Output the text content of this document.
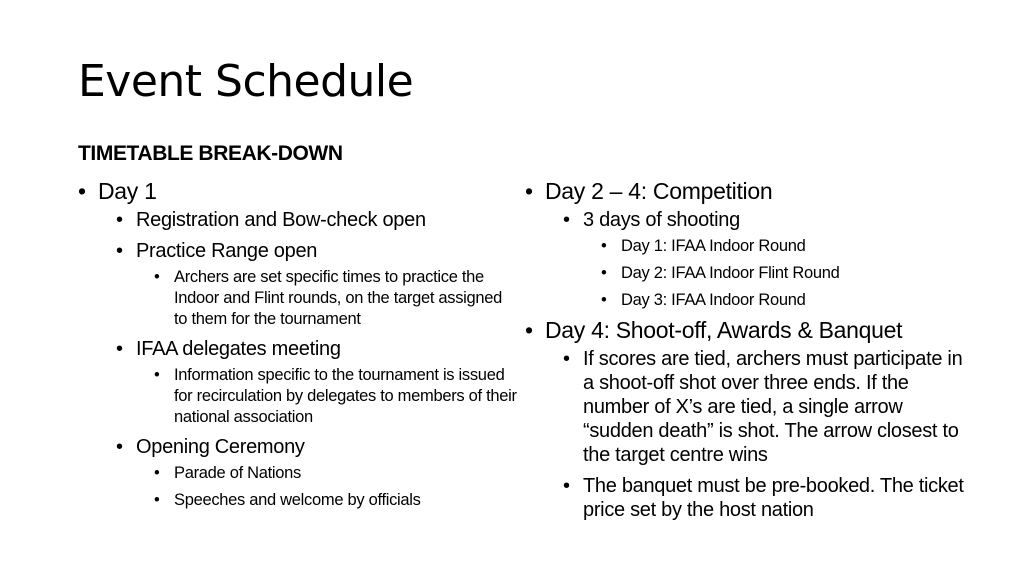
Event Schedule
TIMETABLE BREAK-DOWN
• Day 1
• Registration and Bow-check open
• Practice Range open
• Archers are set specific times to practice the Indoor and Flint rounds, on the target assigned to them for the tournament
• IFAA delegates meeting
• Information specific to the tournament is issued for recirculation by delegates to members of their national association
• Opening Ceremony
• Parade of Nations
• Speeches and welcome by officials
• Day 2 – 4: Competition
• 3 days of shooting
• Day 1: IFAA Indoor Round
• Day 2: IFAA Indoor Flint Round
• Day 3: IFAA Indoor Round
• Day 4: Shoot-off, Awards & Banquet
• If scores are tied, archers must participate in a shoot-off shot over three ends. If the number of X’s are tied, a single arrow “sudden death” is shot. The arrow closest to the target centre wins
• The banquet must be pre-booked. The ticket price set by the host nation
